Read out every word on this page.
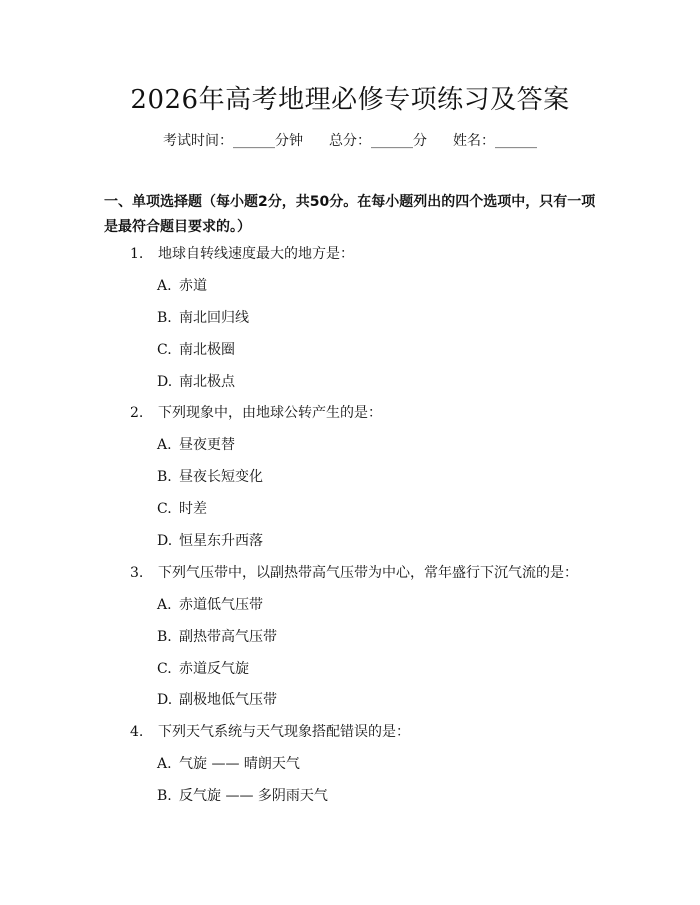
2026年高考地理必修专项练习及答案
考试时间：______分钟 总分：______分 姓名：______
一、单项选择题（每小题2分，共50分。在每小题列出的四个选项中，只有一项是最符合题目要求的。）
1. 地球自转线速度最大的地方是：
A. 赤道
B. 南北回归线
C. 南北极圈
D. 南北极点
2. 下列现象中，由地球公转产生的是：
A. 昼夜更替
B. 昼夜长短变化
C. 时差
D. 恒星东升西落
3. 下列气压带中，以副热带高气压带为中心，常年盛行下沉气流的是：
A. 赤道低气压带
B. 副热带高气压带
C. 赤道反气旋
D. 副极地低气压带
4. 下列天气系统与天气现象搭配错误的是：
A. 气旋 —— 晴朗天气
B. 反气旋 —— 多阴雨天气
